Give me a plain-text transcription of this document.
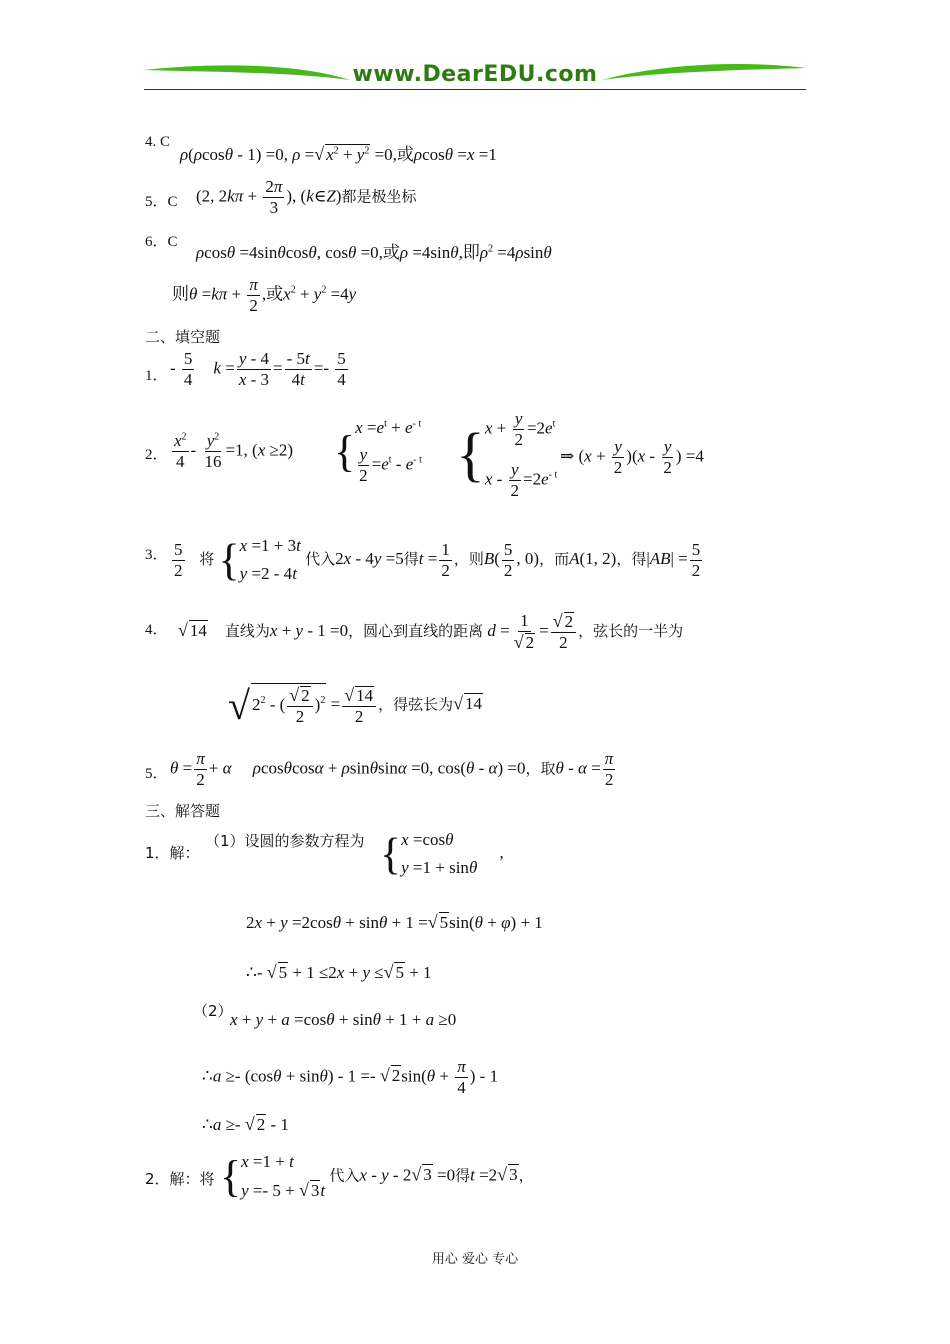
www.DearEDU.com
4. C
ρ(ρcosθ - 1) =0, ρ =√ $x^2 + y^2 =0$,或ρcosθ =x =1
5．C (2, $2k\pi + \frac{2\pi}{3}$ ), (k∈Z)都是极坐标
6．C
ρcosθ =4sinθcosθ, cosθ =0,或ρ =4sinθ,即$\rho^2 =4\rho\sin\theta$
则$\theta =k\pi + \frac{\pi}{2}$ ,或$x^2 + y^2 =4y$
二、填空题
1． - $\frac{5}{4}$ $k = \frac{y - 4}{x - 3} = \frac{- 5t}{4t} =- \frac{5}{4}$
2． $\frac{x^2}{4} - \frac{y^2}{16} =1$, (x ≥2) { $x =e^t + e^{- t}$
$\frac{y}{2} =e^t - e^{- t}$ { $x + \frac{y}{2} =2e^t$
$x - \frac{y}{2} =2e^{- t}$
⇒ $(x + \frac{y}{2} )(x - \frac{y}{2}$ ) =4
3． $\frac{5}{2}$ 将 { x =1 + 3t
y =2 - 4t
代入2x - 4y =5得$t = \frac{1}{2}$ ，则$B( \frac{5}{2}$ , 0)，而A(1, 2)，得$|AB| = \frac{5}{2}$
4． √ 14 直线为x + y - 1 =0，圆心到直线的距离 $d = \frac{1}{√ 2} = \frac{√ 2}{2}$ ，弦长的一半为
√ $2^2$ - ( $\frac{√ 2}{2} )^2 = \frac{√ 14}{2}$ ，得弦长为√ 14
5． $\theta = \frac{\pi}{2} + \alpha$ ρcosθcosα + ρsinθsinα =0, cos(θ - α) =0，取$\theta - \alpha = \frac{\pi}{2}$
三、解答题
1．解：
（1）设圆的参数方程为 { x =cosθ
y =1 + sinθ
,
2x + y =2cosθ + sinθ + 1 =√ 5sin(θ + φ) + 1
∴- √ 5 + 1 ≤2x + y ≤√ 5 + 1
（2）
x + y + a =cosθ + sinθ + 1 + a ≥0
∴a ≥- (cosθ + sinθ) - 1 =- √ $2\sin(\theta + \frac{\pi}{4}$ ) - 1
∴a ≥- √ 2 - 1
2．解：将 { x =1 + t
y =- 5 + √ 3t
代入x - y - 2√ 3 =0得t =2√ 3，
用心 爱心 专心
